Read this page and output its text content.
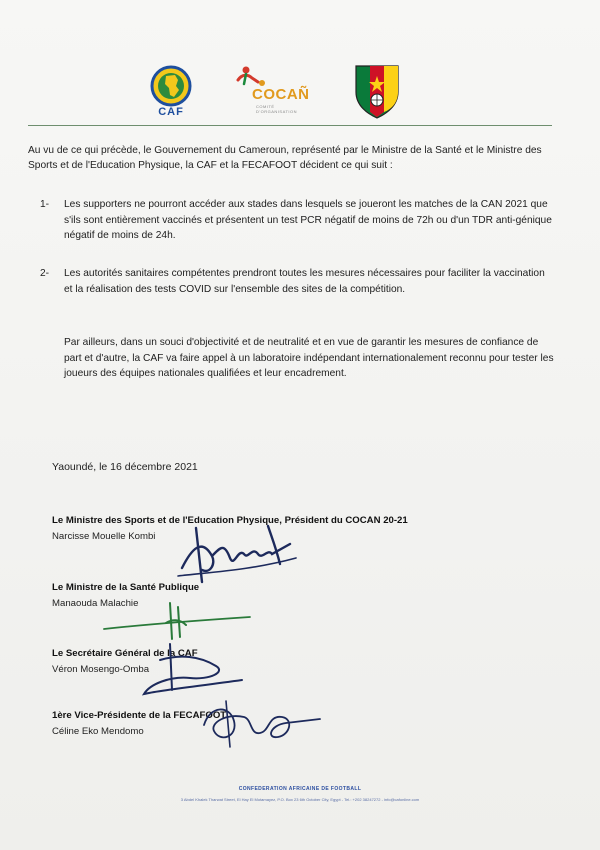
CAF
COCAÑ
COMITÉ D'ORGANISATION
Au vu de ce qui précède, le Gouvernement du Cameroun, représenté par le Ministre de la Santé et le Ministre des Sports et de l'Education Physique, la CAF et la FECAFOOT décident ce qui suit :
1- Les supporters ne pourront accéder aux stades dans lesquels se joueront les matches de la CAN 2021 que s'ils sont entièrement vaccinés et présentent un test PCR négatif de moins de 72h ou d'un TDR anti-génique négatif de moins de 24h.
2- Les autorités sanitaires compétentes prendront toutes les mesures nécessaires pour faciliter la vaccination et la réalisation des tests COVID sur l'ensemble des sites de la compétition.
Par ailleurs, dans un souci d'objectivité et de neutralité et en vue de garantir les mesures de confiance de part et d'autre, la CAF va faire appel à un laboratoire indépendant internationalement reconnu pour tester les joueurs des équipes nationales qualifiées et leur encadrement.
Yaoundé, le 16 décembre 2021
Le Ministre des Sports et de l'Education Physique, Président du COCAN 20-21
Narcisse Mouelle Kombi
Le Ministre de la Santé Publique
Manaouda Malachie
Le Secrétaire Général de la CAF
Véron Mosengo-Omba
1ère Vice-Présidente de la FECAFOOT
Céline Eko Mendomo
CONFEDERATION AFRICAINE DE FOOTBALL
3 Abdel Khalek Tharwat Street, El Hay El Motamayez, P.O. Box 23 6th October City, Egypt - Tel.: +202 38247272 - info@cafonline.com
